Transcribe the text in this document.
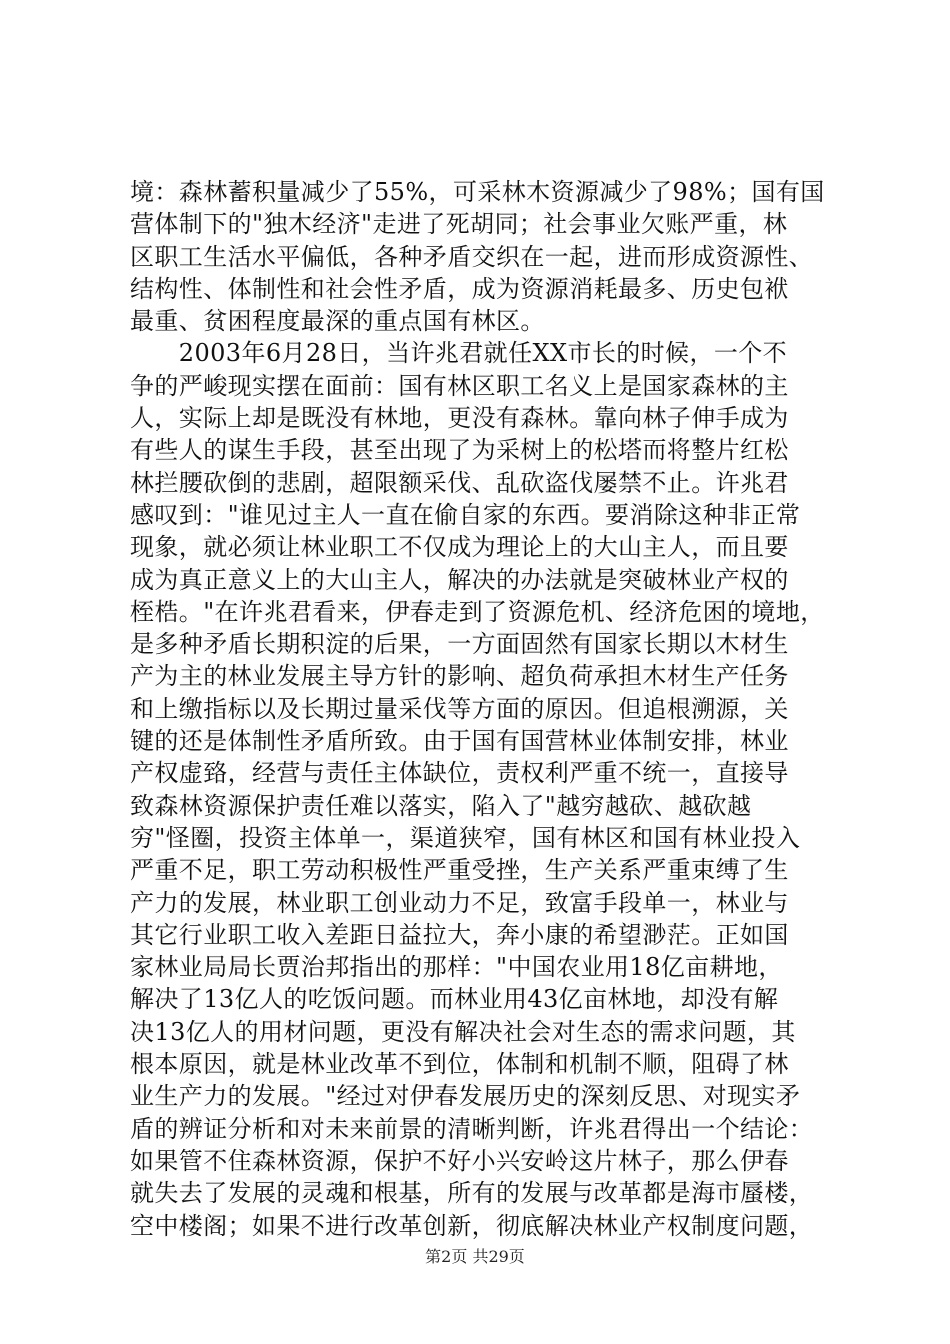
境：森林蓄积量减少了55%，可采林木资源减少了98%；国有国
营体制下的"独木经济"走进了死胡同；社会事业欠账严重，林
区职工生活水平偏低，各种矛盾交织在一起，进而形成资源性、
结构性、体制性和社会性矛盾，成为资源消耗最多、历史包袱
最重、贫困程度最深的重点国有林区。
　　2003年6月28日，当许兆君就任XX市长的时候，一个不
争的严峻现实摆在面前：国有林区职工名义上是国家森林的主
人，实际上却是既没有林地，更没有森林。靠向林子伸手成为
有些人的谋生手段，甚至出现了为采树上的松塔而将整片红松
林拦腰砍倒的悲剧，超限额采伐、乱砍盗伐屡禁不止。许兆君
感叹到："谁见过主人一直在偷自家的东西。要消除这种非正常
现象，就必须让林业职工不仅成为理论上的大山主人，而且要
成为真正意义上的大山主人，解决的办法就是突破林业产权的
桎梏。"在许兆君看来，伊春走到了资源危机、经济危困的境地，
是多种矛盾长期积淀的后果，一方面固然有国家长期以木材生
产为主的林业发展主导方针的影响、超负荷承担木材生产任务
和上缴指标以及长期过量采伐等方面的原因。但追根溯源，关
键的还是体制性矛盾所致。由于国有国营林业体制安排，林业
产权虚臵，经营与责任主体缺位，责权利严重不统一，直接导
致森林资源保护责任难以落实，陷入了"越穷越砍、越砍越
穷"怪圈，投资主体单一，渠道狭窄，国有林区和国有林业投入
严重不足，职工劳动积极性严重受挫，生产关系严重束缚了生
产力的发展，林业职工创业动力不足，致富手段单一，林业与
其它行业职工收入差距日益拉大，奔小康的希望渺茫。正如国
家林业局局长贾治邦指出的那样："中国农业用18亿亩耕地，
解决了13亿人的吃饭问题。而林业用43亿亩林地，却没有解
决13亿人的用材问题，更没有解决社会对生态的需求问题，其
根本原因，就是林业改革不到位，体制和机制不顺，阻碍了林
业生产力的发展。"经过对伊春发展历史的深刻反思、对现实矛
盾的辨证分析和对未来前景的清晰判断，许兆君得出一个结论：
如果管不住森林资源，保护不好小兴安岭这片林子，那么伊春
就失去了发展的灵魂和根基，所有的发展与改革都是海市蜃楼，
空中楼阁；如果不进行改革创新，彻底解决林业产权制度问题，
第2页 共29页
